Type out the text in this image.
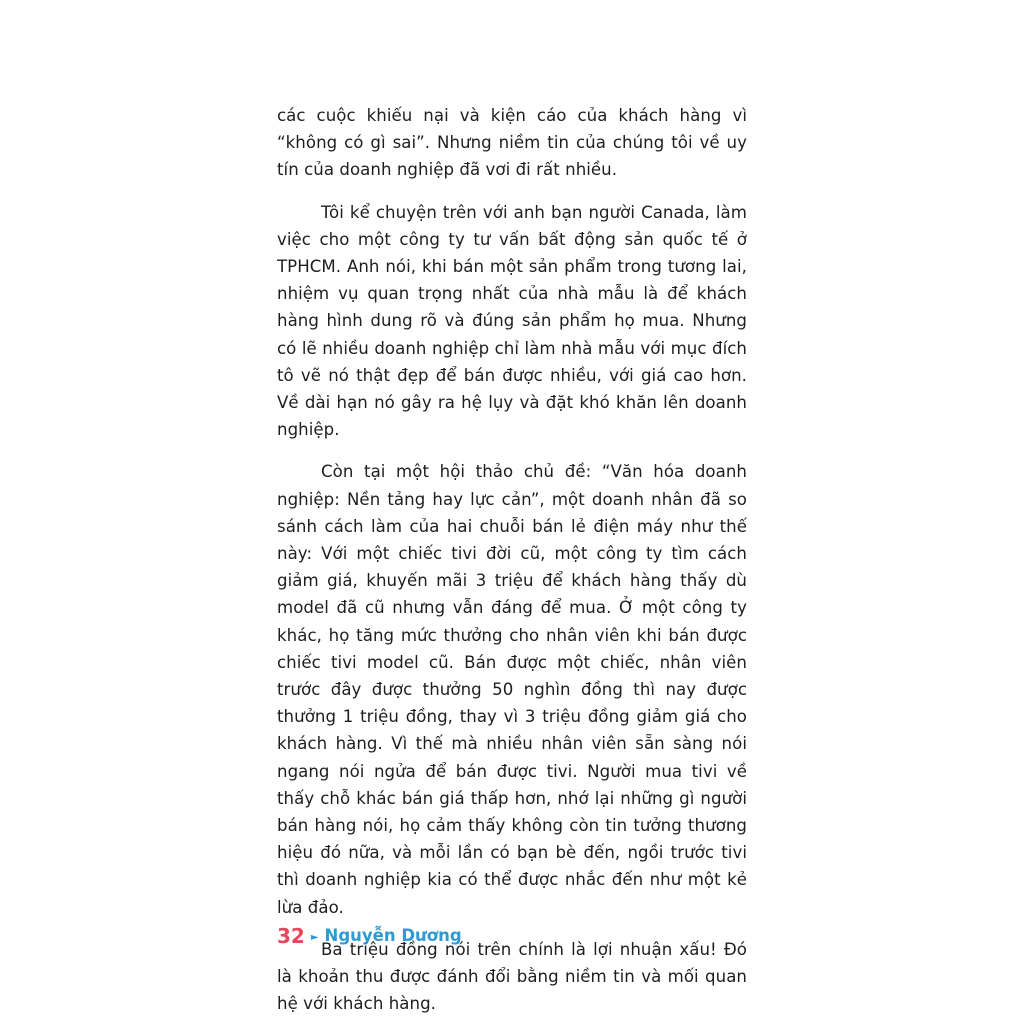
các cuộc khiếu nại và kiện cáo của khách hàng vì “không có gì sai”. Nhưng niềm tin của chúng tôi về uy tín của doanh nghiệp đã vơi đi rất nhiều.

Tôi kể chuyện trên với anh bạn người Canada, làm việc cho một công ty tư vấn bất động sản quốc tế ở TPHCM. Anh nói, khi bán một sản phẩm trong tương lai, nhiệm vụ quan trọng nhất của nhà mẫu là để khách hàng hình dung rõ và đúng sản phẩm họ mua. Nhưng có lẽ nhiều doanh nghiệp chỉ làm nhà mẫu với mục đích tô vẽ nó thật đẹp để bán được nhiều, với giá cao hơn. Về dài hạn nó gây ra hệ lụy và đặt khó khăn lên doanh nghiệp.

Còn tại một hội thảo chủ đề: “Văn hóa doanh nghiệp: Nền tảng hay lực cản”, một doanh nhân đã so sánh cách làm của hai chuỗi bán lẻ điện máy như thế này: Với một chiếc tivi đời cũ, một công ty tìm cách giảm giá, khuyến mãi 3 triệu để khách hàng thấy dù model đã cũ nhưng vẫn đáng để mua. Ở một công ty khác, họ tăng mức thưởng cho nhân viên khi bán được chiếc tivi model cũ. Bán được một chiếc, nhân viên trước đây được thưởng 50 nghìn đồng thì nay được thưởng 1 triệu đồng, thay vì 3 triệu đồng giảm giá cho khách hàng. Vì thế mà nhiều nhân viên sẵn sàng nói ngang nói ngửa để bán được tivi. Người mua tivi về thấy chỗ khác bán giá thấp hơn, nhớ lại những gì người bán hàng nói, họ cảm thấy không còn tin tưởng thương hiệu đó nữa, và mỗi lần có bạn bè đến, ngồi trước tivi thì doanh nghiệp kia có thể được nhắc đến như một kẻ lừa đảo.

Ba triệu đồng nói trên chính là lợi nhuận xấu! Đó là khoản thu được đánh đổi bằng niềm tin và mối quan hệ với khách hàng.

32 ► Nguyễn Dương
